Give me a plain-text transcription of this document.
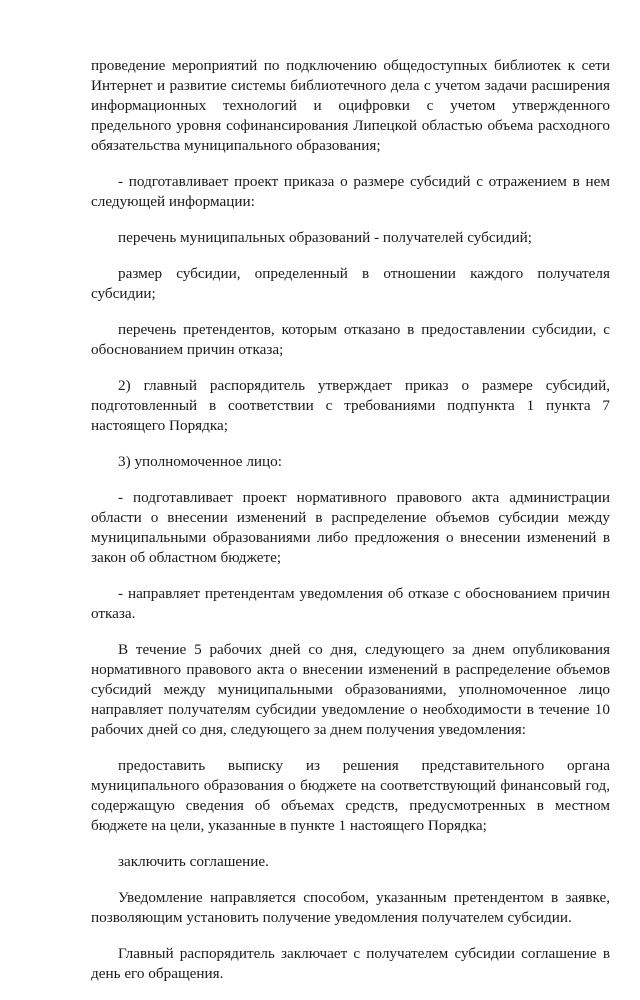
проведение мероприятий по подключению общедоступных библиотек к сети Интернет и развитие системы библиотечного дела с учетом задачи расширения информационных технологий и оцифровки с учетом утвержденного предельного уровня софинансирования Липецкой областью объема расходного обязательства муниципального образования;

- подготавливает проект приказа о размере субсидий с отражением в нем следующей информации:

перечень муниципальных образований - получателей субсидий;

размер субсидии, определенный в отношении каждого получателя субсидии;

перечень претендентов, которым отказано в предоставлении субсидии, с обоснованием причин отказа;

2) главный распорядитель утверждает приказ о размере субсидий, подготовленный в соответствии с требованиями подпункта 1 пункта 7 настоящего Порядка;

3) уполномоченное лицо:

- подготавливает проект нормативного правового акта администрации области о внесении изменений в распределение объемов субсидии между муниципальными образованиями либо предложения о внесении изменений в закон об областном бюджете;

- направляет претендентам уведомления об отказе с обоснованием причин отказа.

В течение 5 рабочих дней со дня, следующего за днем опубликования нормативного правового акта о внесении изменений в распределение объемов субсидий между муниципальными образованиями, уполномоченное лицо направляет получателям субсидии уведомление о необходимости в течение 10 рабочих дней со дня, следующего за днем получения уведомления:

предоставить выписку из решения представительного органа муниципального образования о бюджете на соответствующий финансовый год, содержащую сведения об объемах средств, предусмотренных в местном бюджете на цели, указанные в пункте 1 настоящего Порядка;

заключить соглашение.

Уведомление направляется способом, указанным претендентом в заявке, позволяющим установить получение уведомления получателем субсидии.

Главный распорядитель заключает с получателем субсидии соглашение в день его обращения.
